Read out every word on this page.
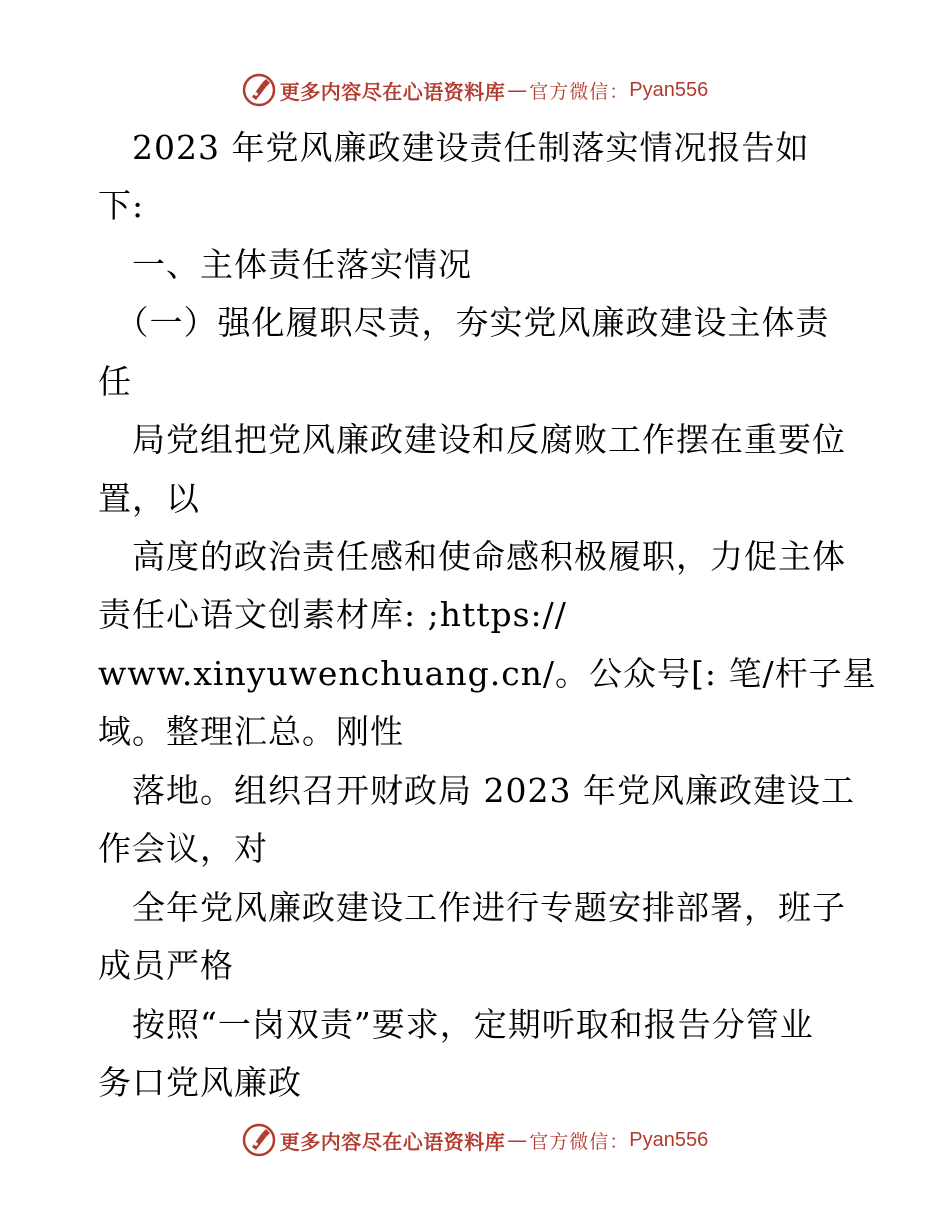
更多内容尽在心语资料库 — 官方微信： Pyan556
　2023 年党风廉政建设责任制落实情况报告如
下:
　一、主体责任落实情况
　（一）强化履职尽责，夯实党风廉政建设主体责
任
　局党组把党风廉政建设和反腐败工作摆在重要位
置，以
　高度的政治责任感和使命感积极履职，力促主体
责任心语文创素材库: ;https://
www.xinyuwenchuang.cn/。公众号[: 笔/杆子星
域。整理汇总。刚性
　落地。组织召开财政局 2023 年党风廉政建设工
作会议，对
　全年党风廉政建设工作进行专题安排部署，班子
成员严格
　按照“一岗双责”要求，定期听取和报告分管业
务口党风廉政
更多内容尽在心语资料库 — 官方微信： Pyan556
